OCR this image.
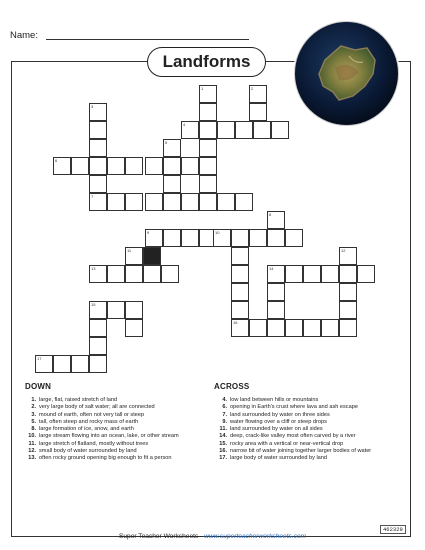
Name:
Landforms
1	2
3
4
5
6
7
8
9	10
11	12
13	14
15
16
17
DOWN
1. large, flat, raised stretch of land
2. very large body of salt water; all are connected
3. mound of earth, often not very tall or steep
5. tall, often steep and rocky mass of earth
8. large formation of ice, snow, and earth
10. large stream flowing into an ocean, lake, or other stream
11. large stretch of flatland, mostly without trees
12. small body of water surrounded by land
13. often rocky ground opening big enough to fit a person
ACROSS
4. low land between hills or mountains
6. opening in Earth's crust where lava and ash escape
7. land surrounded by water on three sides
9. water flowing over a cliff or steep drops
11. land surrounded by water on all sides
14. deep, crack-like valley most often carved by a river
15. rocky area with a vertical or near-vertical drop
16. narrow bit of water joining together larger bodies of water
17. large body of water surrounded by land
Super Teacher Worksheets - www.superteacherworksheets.com
462329
